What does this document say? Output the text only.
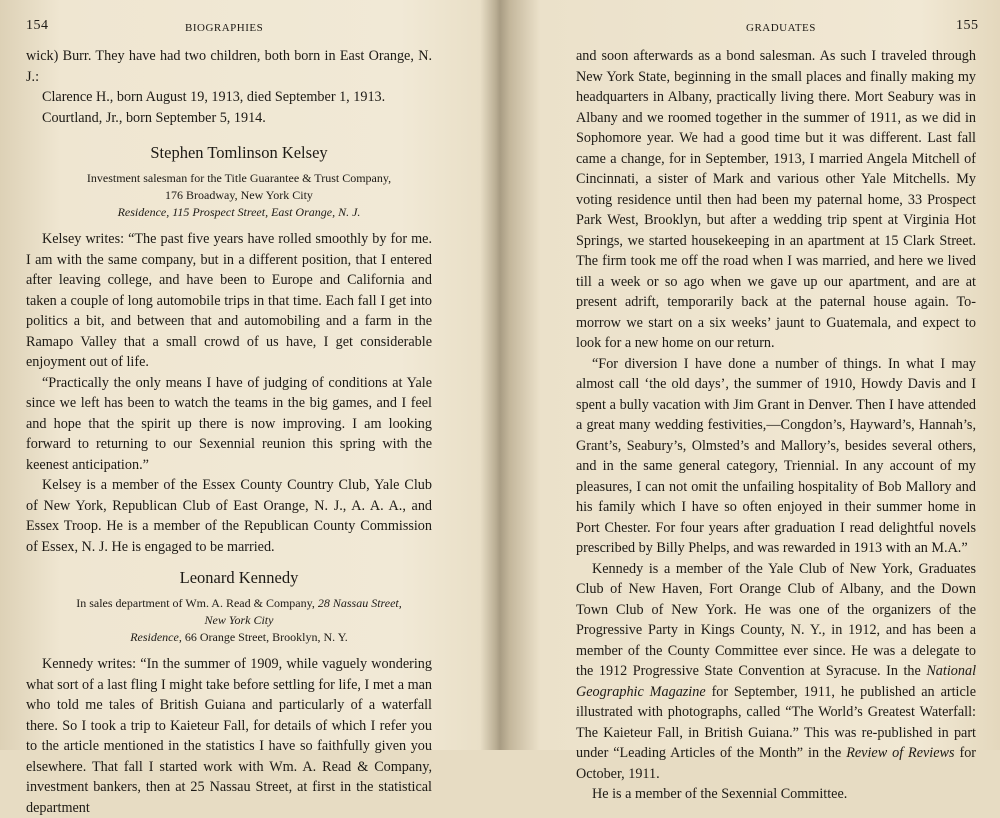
154	BIOGRAPHIES

wick) Burr. They have had two children, both born in East Orange, N. J.:

Clarence H., born August 19, 1913, died September 1, 1913.
Courtland, Jr., born September 5, 1914.
Stephen Tomlinson Kelsey
Investment salesman for the Title Guarantee & Trust Company,
176 Broadway, New York City
Residence, 115 Prospect Street, East Orange, N. J.

Kelsey writes: “The past five years have rolled smoothly by for me. I am with the same company, but in a different position, that I entered after leaving college, and have been to Europe and California and taken a couple of long automobile trips in that time. Each fall I get into politics a bit, and between that and automobiling and a farm in the Ramapo Valley that a small crowd of us have, I get considerable enjoyment out of life.

“Practically the only means I have of judging of conditions at Yale since we left has been to watch the teams in the big games, and I feel and hope that the spirit up there is now improving. I am looking forward to returning to our Sexennial reunion this spring with the keenest anticipation.”

Kelsey is a member of the Essex County Country Club, Yale Club of New York, Republican Club of East Orange, N. J., A. A. A., and Essex Troop. He is a member of the Republican County Commission of Essex, N. J. He is engaged to be married.

Leonard Kennedy
In sales department of Wm. A. Read & Company, 28 Nassau Street,
New York City
Residence, 66 Orange Street, Brooklyn, N. Y.

Kennedy writes: “In the summer of 1909, while vaguely wondering what sort of a last fling I might take before settling for life, I met a man who told me tales of British Guiana and particularly of a waterfall there. So I took a trip to Kaieteur Fall, for details of which I refer you to the article mentioned in the statistics I have so faithfully given you elsewhere. That fall I started work with Wm. A. Read & Company, investment bankers, then at 25 Nassau Street, at first in the statistical department

GRADUATES	155

and soon afterwards as a bond salesman. As such I traveled through New York State, beginning in the small places and finally making my headquarters in Albany, practically living there. Mort Seabury was in Albany and we roomed together in the summer of 1911, as we did in Sophomore year. We had a good time but it was different. Last fall came a change, for in September, 1913, I married Angela Mitchell of Cincinnati, a sister of Mark and various other Yale Mitchells. My voting residence until then had been my paternal home, 33 Prospect Park West, Brooklyn, but after a wedding trip spent at Virginia Hot Springs, we started housekeeping in an apartment at 15 Clark Street. The firm took me off the road when I was married, and here we lived till a week or so ago when we gave up our apartment, and are at present adrift, temporarily back at the paternal house again. To-morrow we start on a six weeks’ jaunt to Guatemala, and expect to look for a new home on our return.

“For diversion I have done a number of things. In what I may almost call ‘the old days’, the summer of 1910, Howdy Davis and I spent a bully vacation with Jim Grant in Denver. Then I have attended a great many wedding festivities,—Congdon’s, Hayward’s, Hannah’s, Grant’s, Seabury’s, Olmsted’s and Mallory’s, besides several others, and in the same general category, Triennial. In any account of my pleasures, I can not omit the unfailing hospitality of Bob Mallory and his family which I have so often enjoyed in their summer home in Port Chester. For four years after graduation I read delightful novels prescribed by Billy Phelps, and was rewarded in 1913 with an M.A.”

Kennedy is a member of the Yale Club of New York, Graduates Club of New Haven, Fort Orange Club of Albany, and the Down Town Club of New York. He was one of the organizers of the Progressive Party in Kings County, N. Y., in 1912, and has been a member of the County Committee ever since. He was a delegate to the 1912 Progressive State Convention at Syracuse. In the National Geographic Magazine for September, 1911, he published an article illustrated with photographs, called “The World’s Greatest Waterfall: The Kaieteur Fall, in British Guiana.” This was re-published in part under “Leading Articles of the Month” in the Review of Reviews for October, 1911.

He is a member of the Sexennial Committee.
